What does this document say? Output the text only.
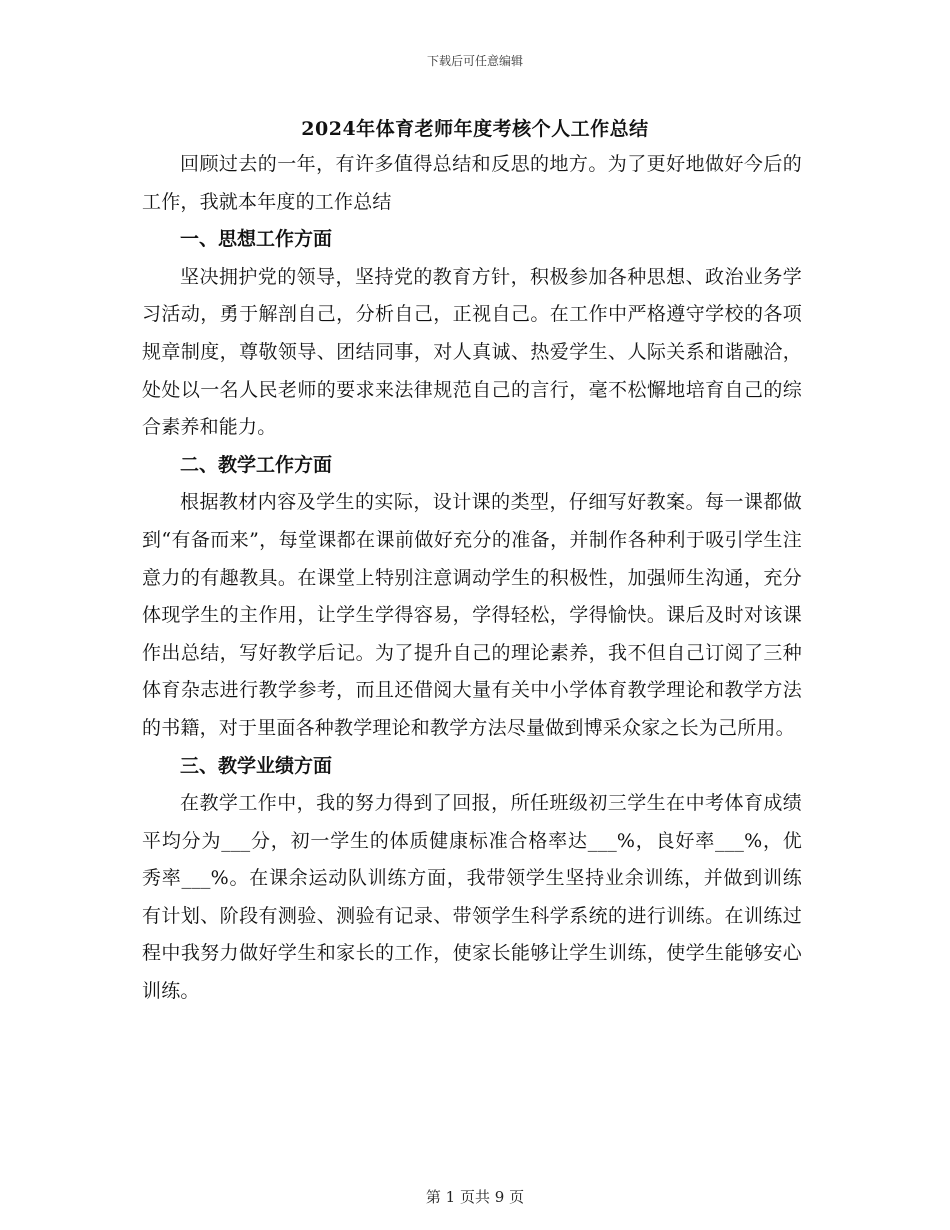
下载后可任意编辑
2024年体育老师年度考核个人工作总结

回顾过去的一年，有许多值得总结和反思的地方。为了更好地做好今后的工作，我就本年度的工作总结

一、思想工作方面

坚决拥护党的领导，坚持党的教育方针，积极参加各种思想、政治业务学习活动，勇于解剖自己，分析自己，正视自己。在工作中严格遵守学校的各项规章制度，尊敬领导、团结同事，对人真诚、热爱学生、人际关系和谐融洽，处处以一名人民老师的要求来法律规范自己的言行，毫不松懈地培育自己的综合素养和能力。

二、教学工作方面

根据教材内容及学生的实际，设计课的类型，仔细写好教案。每一课都做到“有备而来”，每堂课都在课前做好充分的准备，并制作各种利于吸引学生注意力的有趣教具。在课堂上特别注意调动学生的积极性，加强师生沟通，充分体现学生的主作用，让学生学得容易，学得轻松，学得愉快。课后及时对该课作出总结，写好教学后记。为了提升自己的理论素养，我不但自己订阅了三种体育杂志进行教学参考，而且还借阅大量有关中小学体育教学理论和教学方法的书籍，对于里面各种教学理论和教学方法尽量做到博采众家之长为己所用。

三、教学业绩方面

在教学工作中，我的努力得到了回报，所任班级初三学生在中考体育成绩平均分为___分，初一学生的体质健康标准合格率达___%，良好率___%，优秀率___%。在课余运动队训练方面，我带领学生坚持业余训练，并做到训练有计划、阶段有测验、测验有记录、带领学生科学系统的进行训练。在训练过程中我努力做好学生和家长的工作，使家长能够让学生训练，使学生能够安心训练。

第 1 页共 9 页
